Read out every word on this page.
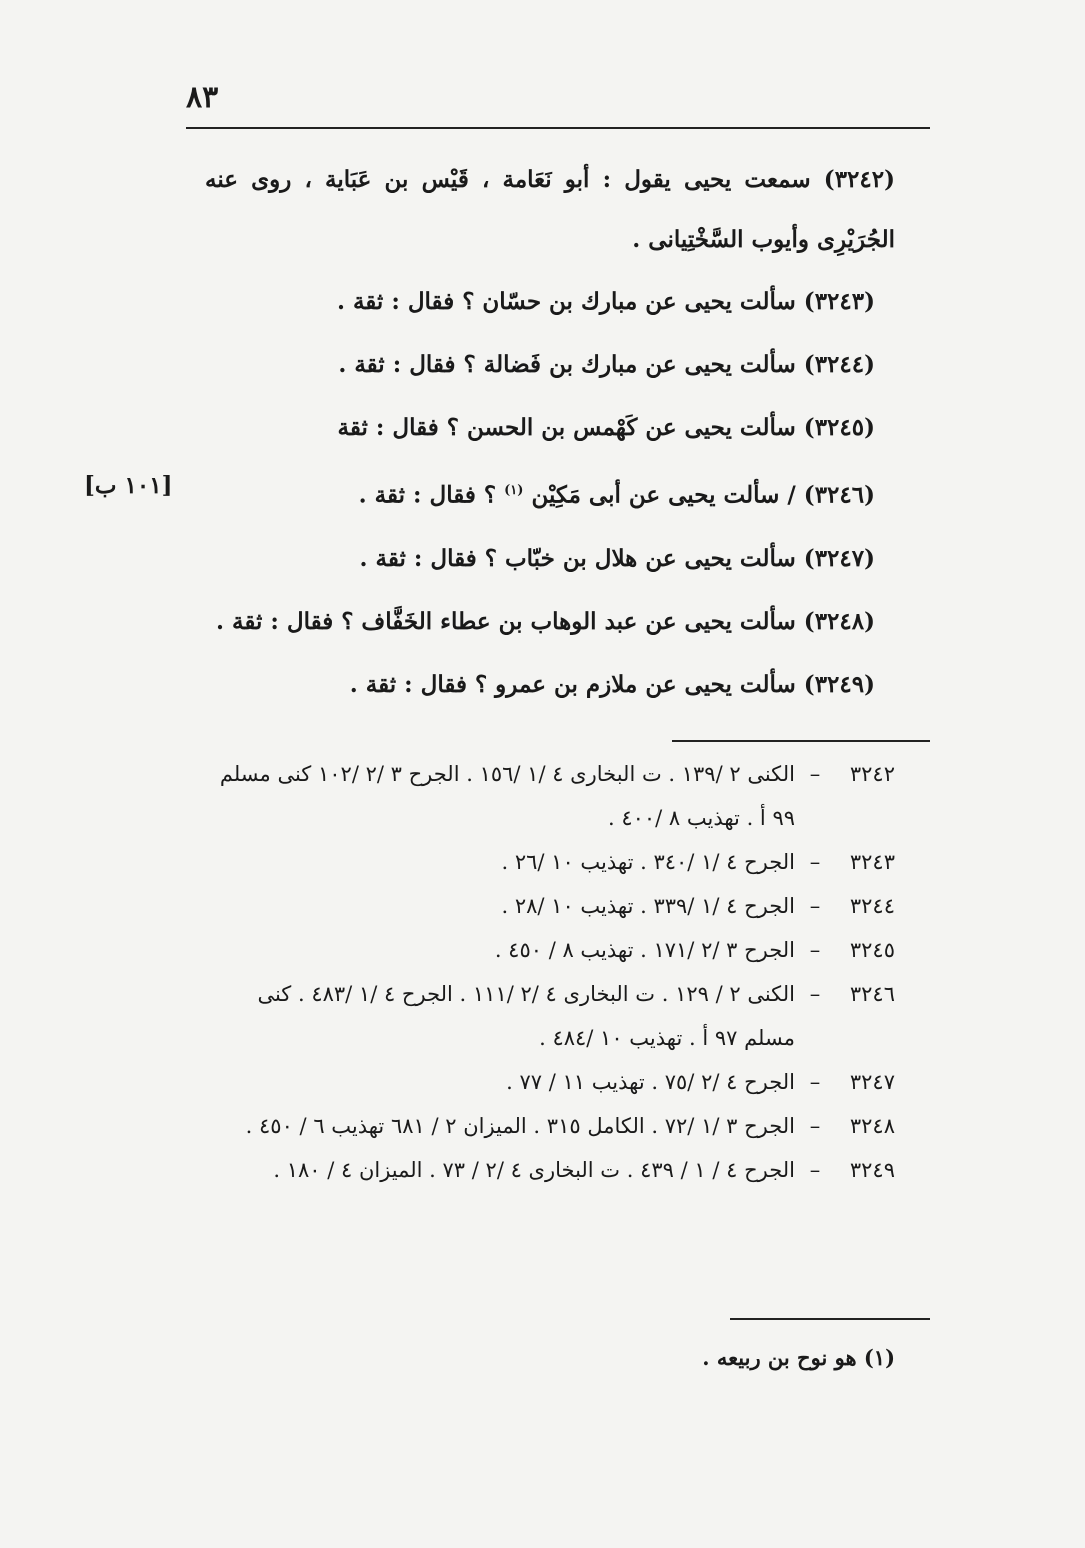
٨٣
(٣٢٤٢) سمعت يحيى يقول : أبو نَعَامة ، قَيْس بن عَبَاية ، روى عنه الجُرَيْرِى وأيوب السَّخْتِيانى .
(٣٢٤٣) سألت يحيى عن مبارك بن حسّان ؟ فقال : ثقة .
(٣٢٤٤) سألت يحيى عن مبارك بن فَضالة ؟ فقال : ثقة .
(٣٢٤٥) سألت يحيى عن كَهْمس بن الحسن ؟ فقال : ثقة
(٣٢٤٦) / سألت يحيى عن أبى مَكِيْن $^{(١)}$ ؟ فقال : ثقة .
(٣٢٤٧) سألت يحيى عن هلال بن خبّاب ؟ فقال : ثقة .
(٣٢٤٨) سألت يحيى عن عبد الوهاب بن عطاء الخَفَّاف ؟ فقال : ثقة .
(٣٢٤٩) سألت يحيى عن ملازم بن عمرو ؟ فقال : ثقة .
[١٠١ ب]
٣٢٤٢
–
الكنى ٢ /١٣٩ . ت البخارى ٤ /١ /١٥٦ . الجرح ٣ /٢ /١٠٢ كنى مسلم ٩٩ أ . تهذيب ٨ /٤٠٠ .
٣٢٤٣
–
الجرح ٤ /١ /٣٤٠ . تهذيب ١٠ /٢٦ .
٣٢٤٤
–
الجرح ٤ /١ /٣٣٩ . تهذيب ١٠ /٢٨ .
٣٢٤٥
–
الجرح ٣ /٢ /١٧١ . تهذيب ٨ / ٤٥٠ .
٣٢٤٦
–
الكنى ٢ / ١٢٩ . ت البخارى ٤ /٢ /١١١ . الجرح ٤ /١ /٤٨٣ . كنى مسلم ٩٧ أ . تهذيب ١٠ /٤٨٤ .
٣٢٤٧
–
الجرح ٤ /٢ /٧٥ . تهذيب ١١ / ٧٧ .
٣٢٤٨
–
الجرح ٣ /١ /٧٢ . الكامل ٣١٥ . الميزان ٢ / ٦٨١ تهذيب ٦ / ٤٥٠ .
٣٢٤٩
–
الجرح ٤ / ١ / ٤٣٩ . ت البخارى ٤ /٢ / ٧٣ . الميزان ٤ / ١٨٠ .
(١) هو نوح بن ربيعه .
